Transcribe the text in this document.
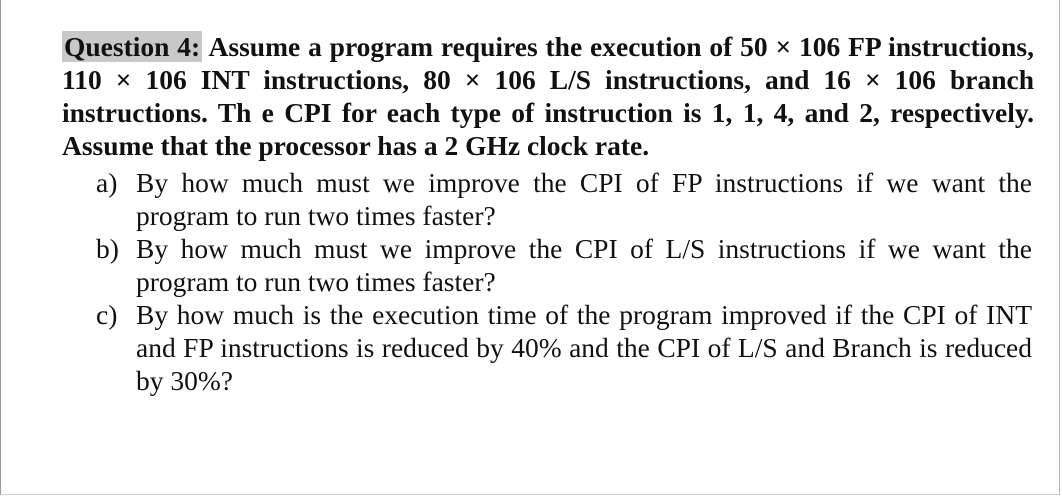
Question 4: Assume a program requires the execution of 50 × 106 FP instructions, 110 × 106 INT instructions, 80 × 106 L/S instructions, and 16 × 106 branch instructions. Th e CPI for each type of instruction is 1, 1, 4, and 2, respectively. Assume that the processor has a 2 GHz clock rate.
a) By how much must we improve the CPI of FP instructions if we want the program to run two times faster?
b) By how much must we improve the CPI of L/S instructions if we want the program to run two times faster?
c) By how much is the execution time of the program improved if the CPI of INT and FP instructions is reduced by 40% and the CPI of L/S and Branch is reduced by 30%?
